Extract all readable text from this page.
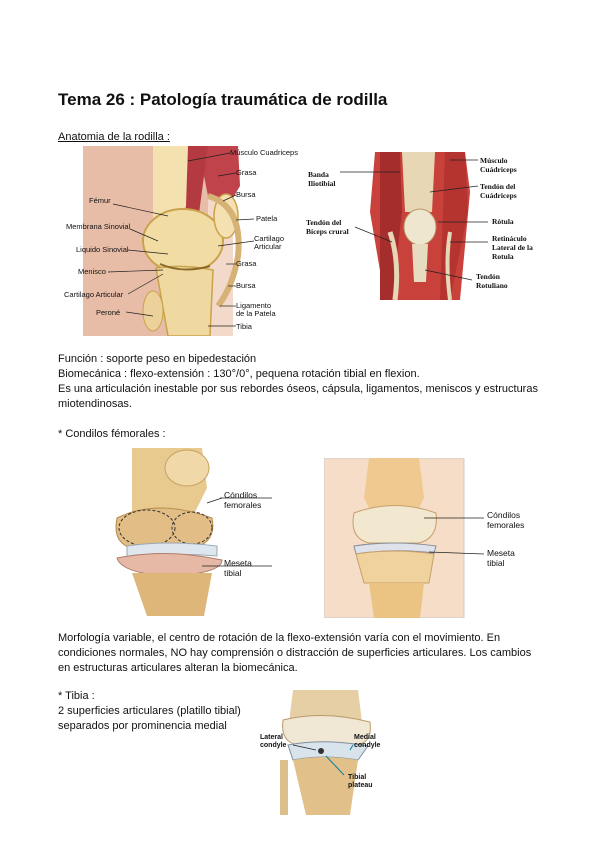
Tema 26 : Patología traumática de rodilla
Anatomia de la rodilla :
Músculo Cuadriceps
Grasa
Fémur
Bursa
Membrana Sinovial
Patela
Cartilago
Articular
Liquido Sinovial
Grasa
Menisco
Bursa
Cartilago Articular
Ligamento
de la Patela
Peroné
Tibia
Banda
Iliotibial
Músculo
Cuádriceps
Tendón del
Cuádriceps
Tendón del
Bíceps crural
Rótula
Retináculo
Lateral de la
Rotula
Tendón
Rotuliano
Función : soporte peso en bipedestación
Biomecánica : flexo-extensión : 130°/0°, pequena rotación tibial en flexion.
Es una articulación inestable por sus rebordes óseos, cápsula, ligamentos, meniscos y estructuras
miotendinosas.
* Condilos fémorales :
Cóndilos
femorales
Meseta
tibial
Cóndilos
femorales
Meseta
tibial
Morfología variable, el centro de rotación de la flexo-extensión varía con el movimiento. En
condiciones normales, NO hay comprensión o distracción de superficies articulares. Los cambios
en estructuras articulares alteran la biomecánica.
* Tibia :
2 superficies articulares (platillo tibial)
separados por prominencia medial
Lateral
condyle
Medial
condyle
Tibial
plateau
